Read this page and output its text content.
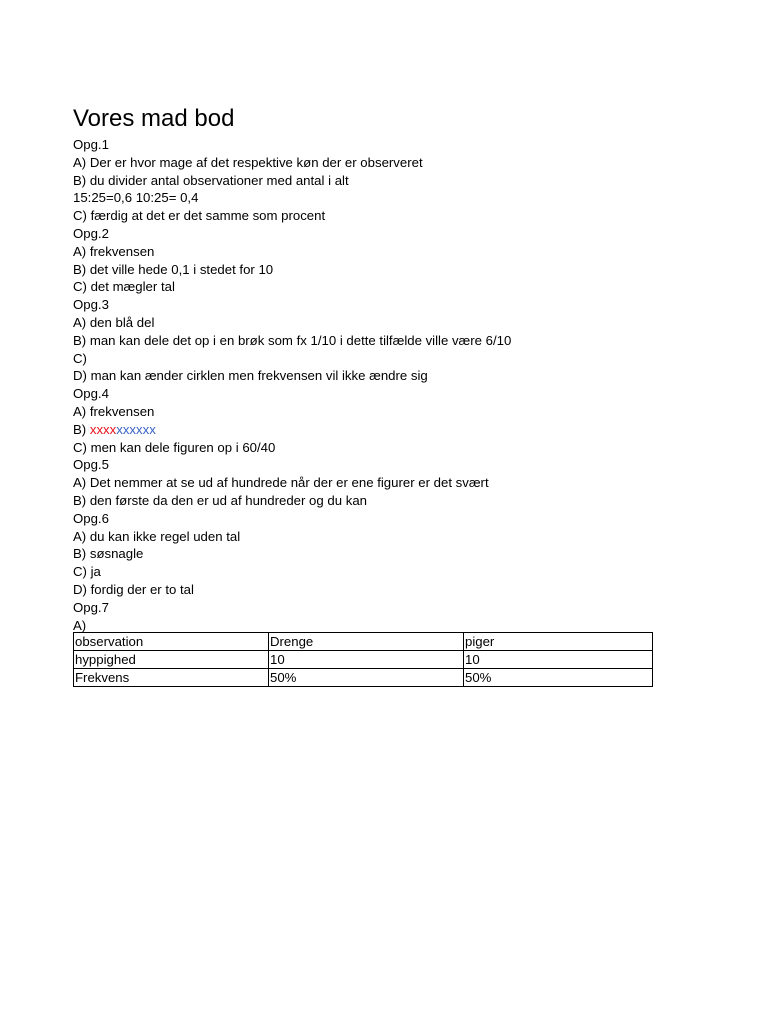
Vores mad bod
Opg.1
A) Der er hvor mage af det respektive køn der er observeret
B) du divider antal observationer med antal i alt
15:25=0,6 10:25= 0,4
C) færdig at det er det samme som procent
Opg.2
A) frekvensen
B) det ville hede 0,1 i stedet for 10
C) det mægler tal
Opg.3
A) den blå del
B) man kan dele det op i en brøk som fx 1/10 i dette tilfælde ville være 6/10
C)
D) man kan ænder cirklen men frekvensen vil ikke ændre sig
Opg.4
A) frekvensen
B) xxxxxxxxxx
C) men kan dele figuren op i 60/40
Opg.5
A) Det nemmer at se ud af hundrede når der er ene figurer er det svært
B) den første da den er ud af hundreder og du kan
Opg.6
A) du kan ikke regel uden tal
B) søsnagle
C) ja
D) fordig der er to tal
Opg.7
A)
observation	Drenge	piger
hyppighed	10	10
Frekvens	50%	50%
